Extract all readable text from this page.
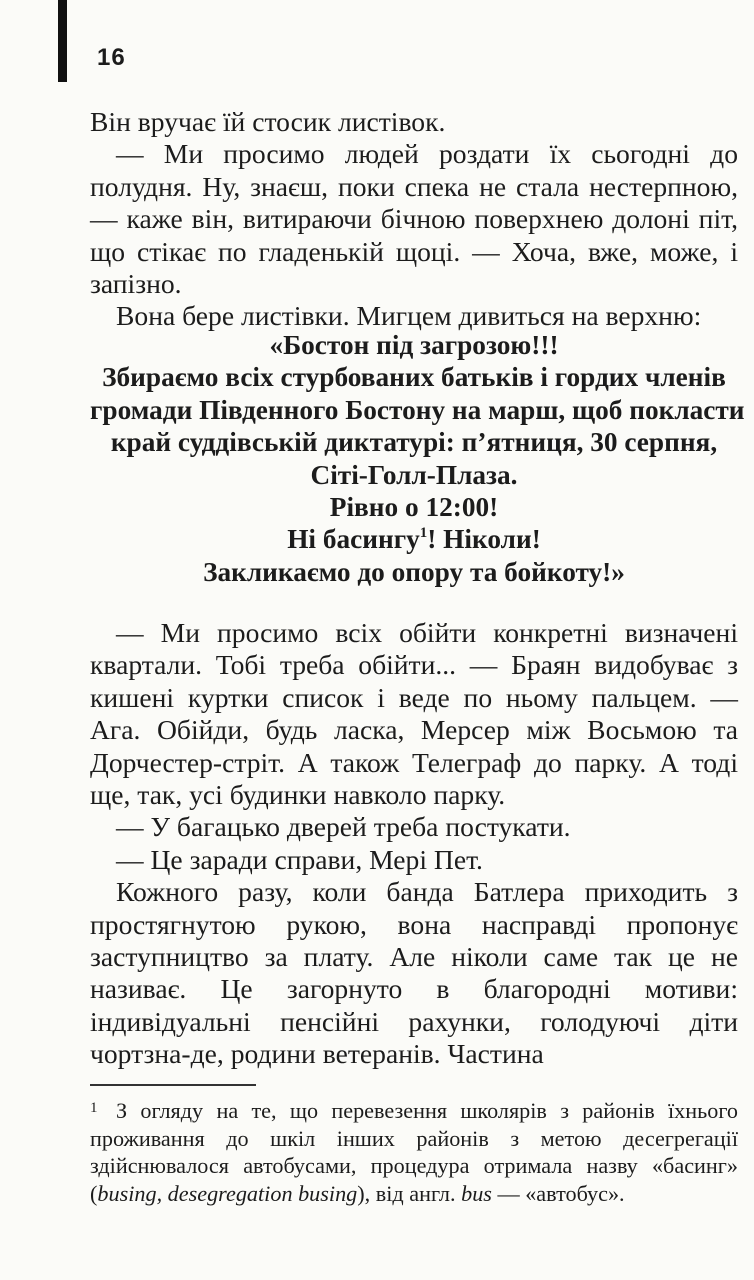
16

Він вручає їй стосик листівок.

— Ми просимо людей роздати їх сьогодні до полудня. Ну, знаєш, поки спека не стала нестерпною, — каже він, витираючи бічною поверхнею долоні піт, що стікає по гладенькій щоці. — Хоча, вже, може, і запізно.

Вона бере листівки. Мигцем дивиться на верхню:

«Бостон під загрозою!!!
Збираємо всіх стурбованих батьків і гордих членів
громади Південного Бостону на марш, щоб покласти
край суддівській диктатурі: п’ятниця, 30 серпня,
Сіті-Голл-Плаза.
Рівно о 12:00!
Ні басингу$^1$! Ніколи!
Закликаємо до опору та бойкоту!»

— Ми просимо всіх обійти конкретні визначені квартали. Тобі треба обійти... — Браян видобуває з кишені куртки список і веде по ньому пальцем. — Ага. Обійди, будь ласка, Мерсер між Восьмою та Дорчестер-стріт. А також Телеграф до парку. А тоді ще, так, усі будинки навколо парку.

— У багацько дверей треба постукати.

— Це заради справи, Мері Пет.

Кожного разу, коли банда Батлера приходить з простягнутою рукою, вона насправді пропонує заступництво за плату. Але ніколи саме так це не називає. Це загорнуто в благородні мотиви: індивідуальні пенсійні рахунки, голодуючі діти чортзна-де, родини ветеранів. Частина

1 З огляду на те, що перевезення школярів з районів їхнього проживання до шкіл інших районів з метою десегрегації здійснювалося автобусами, процедура отримала назву «басинг» (busing, desegregation busing), від англ. bus — «автобус».
